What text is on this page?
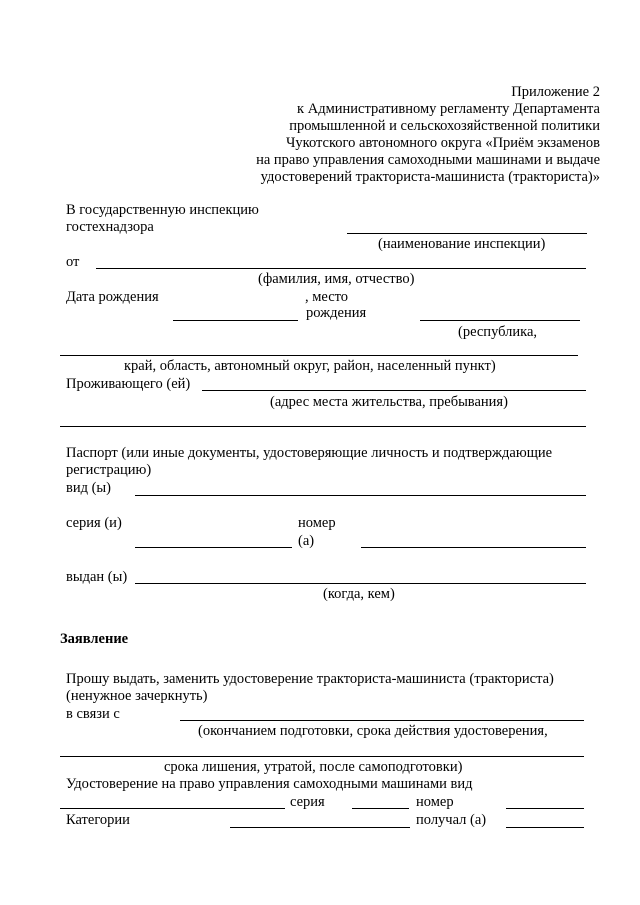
Приложение 2
к Административному регламенту Департамента
промышленной и сельскохозяйственной политики
Чукотского автономного округа «Приём экзаменов
на право управления самоходными машинами и выдаче
удостоверений тракториста-машиниста (тракториста)»
В государственную инспекцию
гостехнадзора
(наименование инспекции)
от
(фамилия, имя, отчество)
Дата рождения	, место
рождения
(республика,
край, область, автономный округ, район, населенный пункт)
Проживающего (ей)
(адрес места жительства, пребывания)
Паспорт (или иные документы, удостоверяющие личность и подтверждающие
регистрацию)
вид (ы)
серия (и)	номер
(а)
выдан (ы)
(когда, кем)
Заявление
Прошу выдать, заменить удостоверение тракториста-машиниста (тракториста)
(ненужное зачеркнуть)
в связи с
(окончанием подготовки, срока действия удостоверения,
срока лишения, утратой, после самоподготовки)
Удостоверение на право управления самоходными машинами вид
серия	номер
Категории	получал (а)
